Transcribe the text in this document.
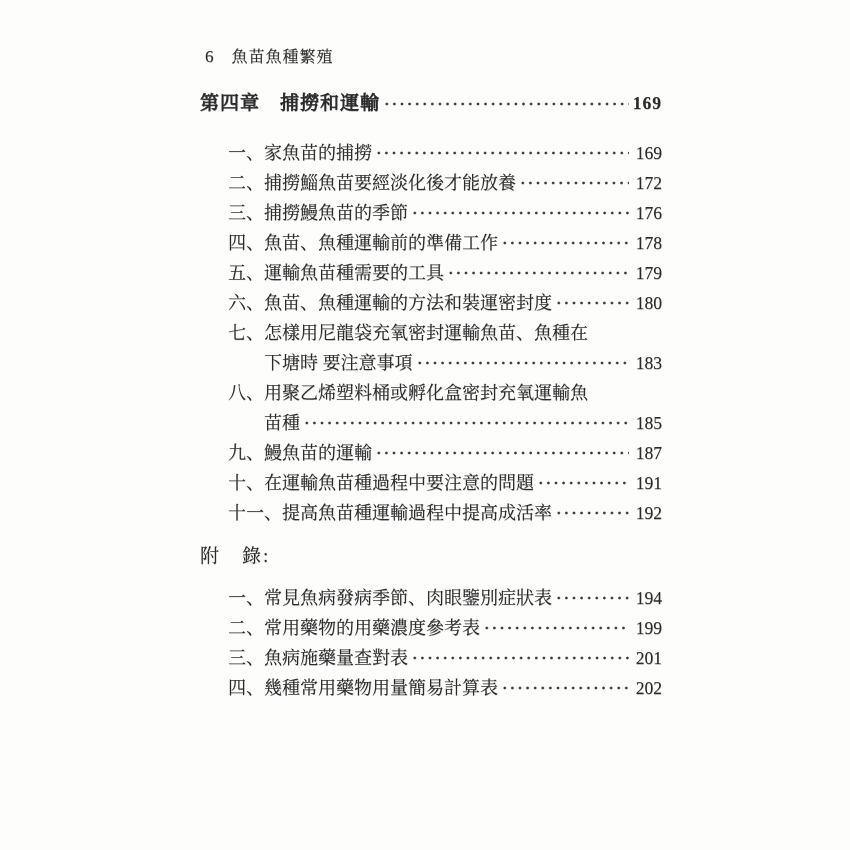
6 魚苗魚種繁殖
第四章　捕撈和運輸	169
一、家魚苗的捕撈	169
二、捕撈鯔魚苗要經淡化後才能放養	172
三、捕撈鰻魚苗的季節	176
四、魚苗、魚種運輸前的準備工作	178
五、運輸魚苗種需要的工具	179
六、魚苗、魚種運輸的方法和裝運密封度	180
七、怎樣用尼龍袋充氧密封運輸魚苗、魚種在
下塘時 要注意事項	183
八、用聚乙烯塑料桶或孵化盒密封充氧運輸魚
苗種	185
九、鰻魚苗的運輸	187
十、在運輸魚苗種過程中要注意的問題	191
十一、提高魚苗種運輸過程中提高成活率	192
附　錄:
一、常見魚病發病季節、肉眼鑒別症狀表	194
二、常用藥物的用藥濃度參考表	199
三、魚病施藥量查對表	201
四、幾種常用藥物用量簡易計算表	202
